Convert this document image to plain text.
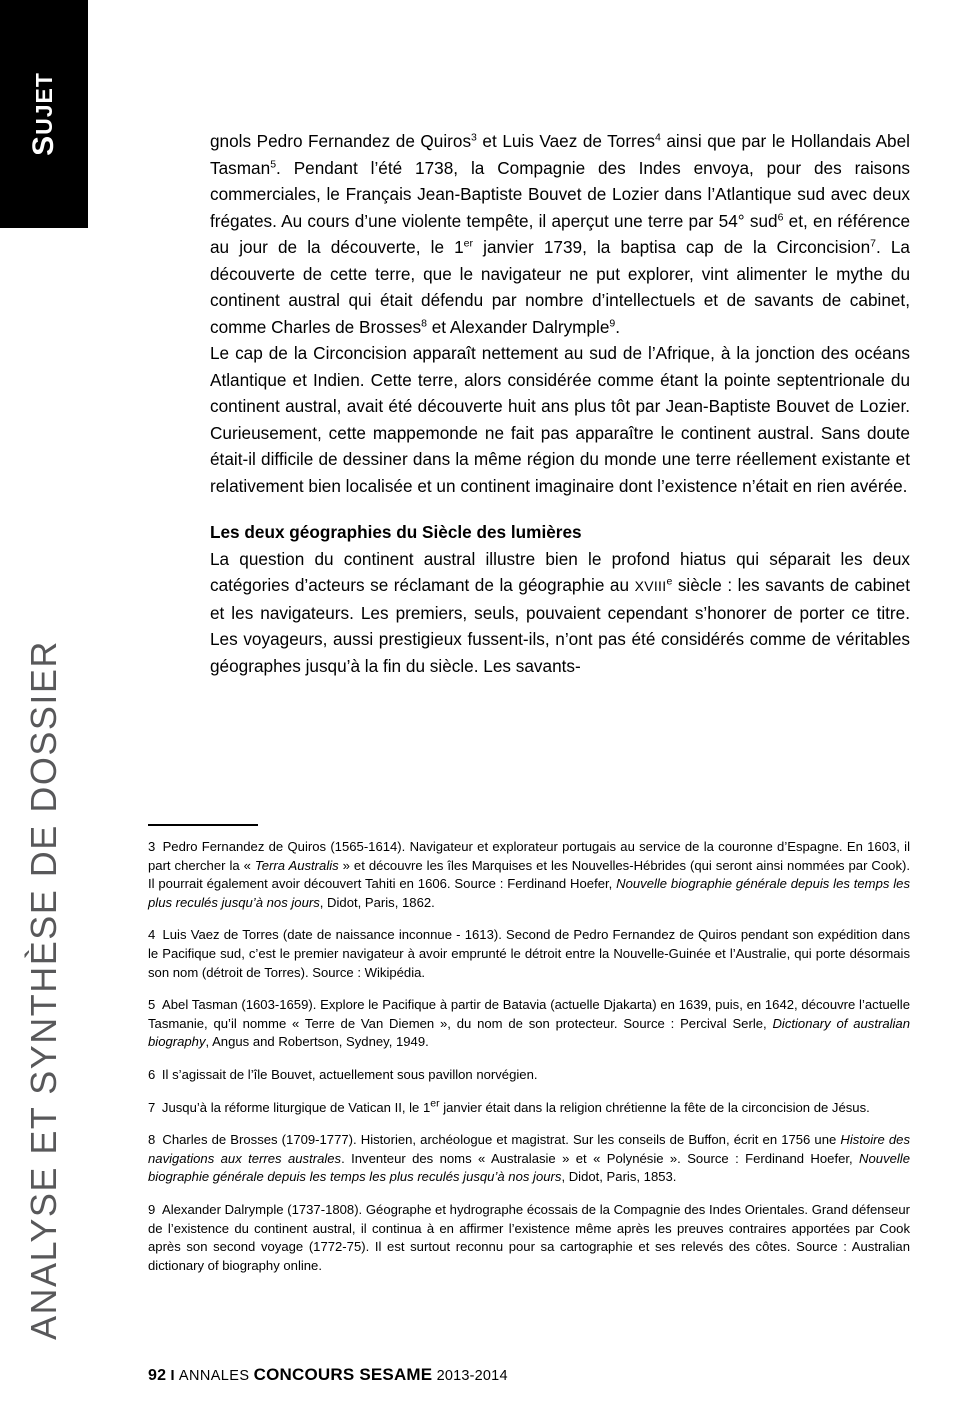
S
UJET
ANALYSE ET SYNTHÈSE DE DOSSIER

gnols Pedro Fernandez de Quiros$^3$ et Luis Vaez de Torres$^4$ ainsi que par le Hollandais Abel Tasman$^5$. Pendant l’été 1738, la Compagnie des Indes envoya, pour des raisons commerciales, le Français Jean-Baptiste Bouvet de Lozier dans l’Atlantique sud avec deux frégates. Au cours d’une violente tempête, il aperçut une terre par 54° sud$^6$ et, en référence au jour de la découverte, le 1er janvier 1739, la baptisa cap de la Circoncision$^7$. La découverte de cette terre, que le navigateur ne put explorer, vint alimenter le mythe du continent austral qui était défendu par nombre d’intellectuels et de savants de cabinet, comme Charles de Brosses$^8$ et Alexander Dalrymple$^9$.

Le cap de la Circoncision apparaît nettement au sud de l’Afrique, à la jonction des océans Atlantique et Indien. Cette terre, alors considérée comme étant la pointe septentrionale du continent austral, avait été découverte huit ans plus tôt par Jean-Baptiste Bouvet de Lozier. Curieusement, cette mappemonde ne fait pas apparaître le continent austral. Sans doute était-il difficile de dessiner dans la même région du monde une terre réellement existante et relativement bien localisée et un continent imaginaire dont l’existence n’était en rien avérée.

Les deux géographies du Siècle des lumières

La question du continent austral illustre bien le profond hiatus qui séparait les deux catégories d’acteurs se réclamant de la géographie au XVIIIe siècle : les savants de cabinet et les navigateurs. Les premiers, seuls, pouvaient cependant s’honorer de porter ce titre. Les voyageurs, aussi prestigieux fussent-ils, n’ont pas été considérés comme de véritables géographes jusqu’à la fin du siècle. Les savants-

3 Pedro Fernandez de Quiros (1565-1614). Navigateur et explorateur portugais au service de la couronne d’Espagne. En 1603, il part chercher la « Terra Australis » et découvre les îles Marquises et les Nouvelles-Hébrides (qui seront ainsi nommées par Cook). Il pourrait également avoir découvert Tahiti en 1606. Source : Ferdinand Hoefer, Nouvelle biographie générale depuis les temps les plus reculés jusqu’à nos jours, Didot, Paris, 1862.

4 Luis Vaez de Torres (date de naissance inconnue - 1613). Second de Pedro Fernandez de Quiros pendant son expédition dans le Pacifique sud, c’est le premier navigateur à avoir emprunté le détroit entre la Nouvelle-Guinée et l’Australie, qui porte désormais son nom (détroit de Torres). Source : Wikipédia.

5 Abel Tasman (1603-1659). Explore le Pacifique à partir de Batavia (actuelle Djakarta) en 1639, puis, en 1642, découvre l’actuelle Tasmanie, qu’il nomme « Terre de Van Diemen », du nom de son protecteur. Source : Percival Serle, Dictionary of australian biography, Angus and Robertson, Sydney, 1949.

6 Il s’agissait de l’île Bouvet, actuellement sous pavillon norvégien.

7 Jusqu’à la réforme liturgique de Vatican II, le 1er janvier était dans la religion chrétienne la fête de la circoncision de Jésus.

8 Charles de Brosses (1709-1777). Historien, archéologue et magistrat. Sur les conseils de Buffon, écrit en 1756 une Histoire des navigations aux terres australes. Inventeur des noms « Australasie » et « Polynésie ». Source : Ferdinand Hoefer, Nouvelle biographie générale depuis les temps les plus reculés jusqu’à nos jours, Didot, Paris, 1853.

9 Alexander Dalrymple (1737-1808). Géographe et hydrographe écossais de la Compagnie des Indes Orientales. Grand défenseur de l’existence du continent austral, il continua à en affirmer l’existence même après les preuves contraires apportées par Cook après son second voyage (1772-75). Il est surtout reconnu pour sa cartographie et ses relevés des côtes. Source : Australian dictionary of biography online.

92 I ANNALES CONCOURS SESAME 2013-2014
